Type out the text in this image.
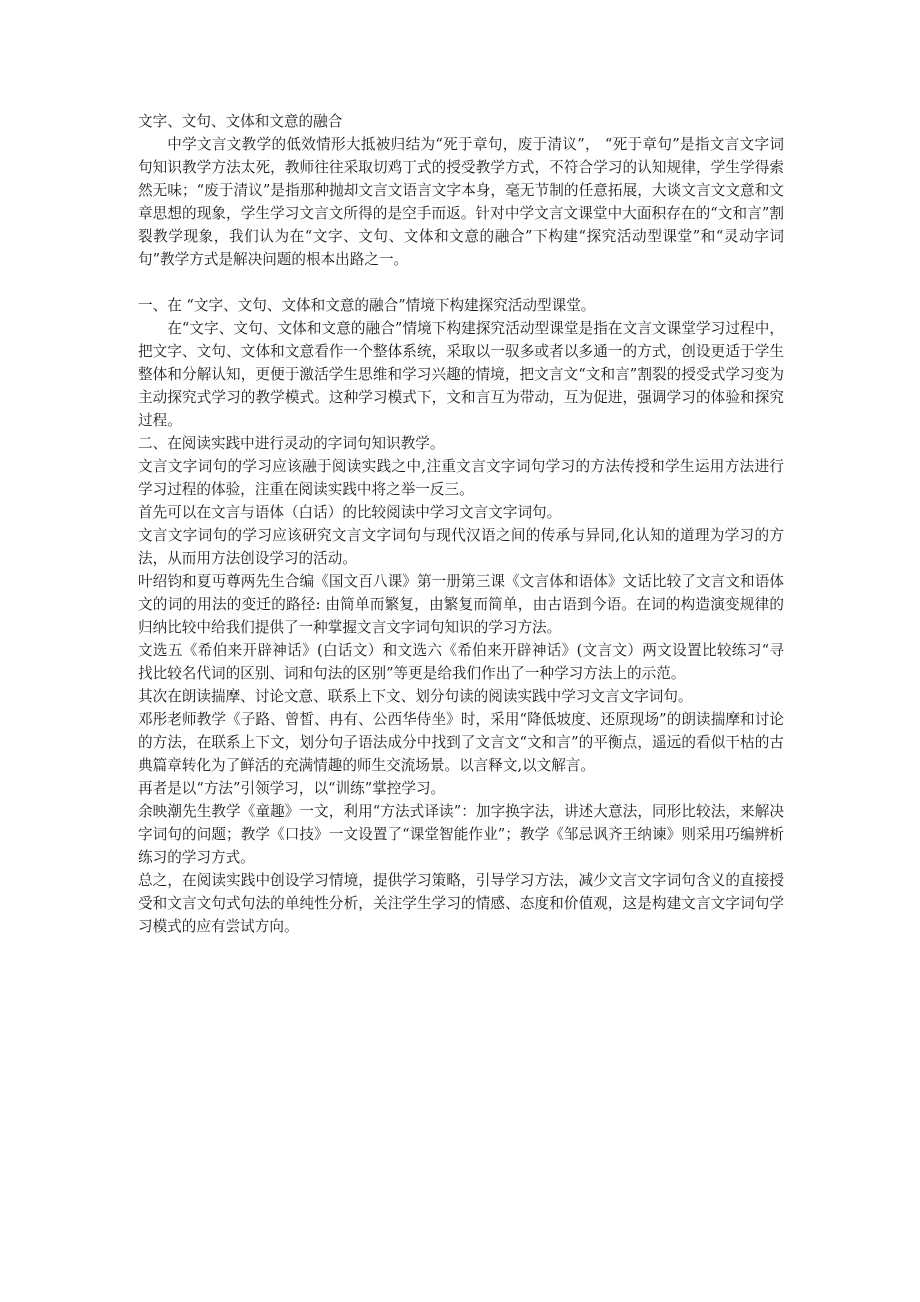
文字、文句、文体和文意的融合

中学文言文教学的低效情形大抵被归结为“死于章句，废于清议”， “死于章句”是指文言文字词句知识教学方法太死，教师往往采取切鸡丁式的授受教学方式，不符合学习的认知规律，学生学得索然无味；“废于清议”是指那种抛却文言文语言文字本身，毫无节制的任意拓展，大谈文言文文意和文章思想的现象，学生学习文言文所得的是空手而返。针对中学文言文课堂中大面积存在的“文和言”割裂教学现象，我们认为在“文字、文句、文体和文意的融合”下构建“探究活动型课堂”和“灵动字词句”教学方式是解决问题的根本出路之一。

一、在 “文字、文句、文体和文意的融合”情境下构建探究活动型课堂。

在“文字、文句、文体和文意的融合”情境下构建探究活动型课堂是指在文言文课堂学习过程中，把文字、文句、文体和文意看作一个整体系统，采取以一驭多或者以多通一的方式，创设更适于学生整体和分解认知，更便于激活学生思维和学习兴趣的情境，把文言文“文和言”割裂的授受式学习变为主动探究式学习的教学模式。这种学习模式下，文和言互为带动，互为促进，强调学习的体验和探究过程。

二、在阅读实践中进行灵动的字词句知识教学。

文言文字词句的学习应该融于阅读实践之中,注重文言文字词句学习的方法传授和学生运用方法进行学习过程的体验，注重在阅读实践中将之举一反三。

首先可以在文言与语体（白话）的比较阅读中学习文言文字词句。

文言文字词句的学习应该研究文言文字词句与现代汉语之间的传承与异同,化认知的道理为学习的方法，从而用方法创设学习的活动。

叶绍钧和夏丏尊两先生合编《国文百八课》第一册第三课《文言体和语体》文话比较了文言文和语体文的词的用法的变迁的路径: 由简单而繁复，由繁复而简单，由古语到今语。在词的构造演变规律的归纳比较中给我们提供了一种掌握文言文字词句知识的学习方法。

文选五《希伯来开辟神话》(白话文）和文选六《希伯来开辟神话》(文言文）两文设置比较练习“寻找比较名代词的区别、词和句法的区别”等更是给我们作出了一种学习方法上的示范。

其次在朗读揣摩、讨论文意、联系上下文、划分句读的阅读实践中学习文言文字词句。

邓彤老师教学《子路、曾皙、冉有、公西华侍坐》时，采用“降低坡度、还原现场”的朗读揣摩和讨论的方法，在联系上下文，划分句子语法成分中找到了文言文“文和言”的平衡点，遥远的看似干枯的古典篇章转化为了鲜活的充满情趣的师生交流场景。以言释文,以文解言。

再者是以“方法”引领学习，以“训练”掌控学习。

余映潮先生教学《童趣》一文，利用“方法式译读”：加字换字法，讲述大意法，同形比较法，来解决字词句的问题；教学《口技》一文设置了“课堂智能作业”；教学《邹忌讽齐王纳谏》则采用巧编辨析练习的学习方式。

总之，在阅读实践中创设学习情境，提供学习策略，引导学习方法，减少文言文字词句含义的直接授受和文言文句式句法的单纯性分析，关注学生学习的情感、态度和价值观，这是构建文言文字词句学习模式的应有尝试方向。
